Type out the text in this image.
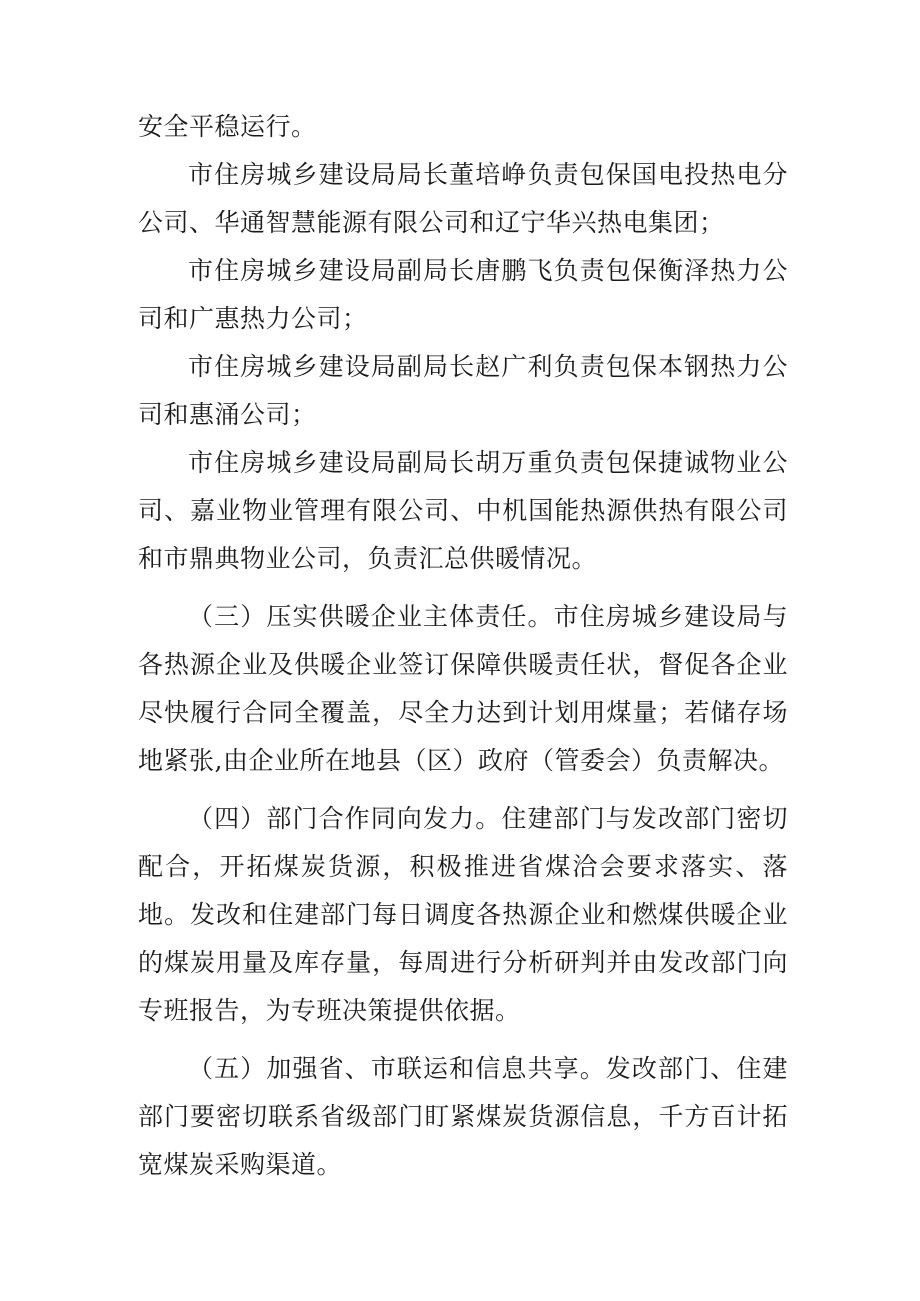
安全平稳运行。

市住房城乡建设局局长董培峥负责包保国电投热电分公司、华通智慧能源有限公司和辽宁华兴热电集团；

市住房城乡建设局副局长唐鹏飞负责包保衡泽热力公司和广惠热力公司；

市住房城乡建设局副局长赵广利负责包保本钢热力公司和惠涌公司；

市住房城乡建设局副局长胡万重负责包保捷诚物业公司、嘉业物业管理有限公司、中机国能热源供热有限公司和市鼎典物业公司，负责汇总供暖情况。

（三）压实供暖企业主体责任。市住房城乡建设局与各热源企业及供暖企业签订保障供暖责任状，督促各企业尽快履行合同全覆盖，尽全力达到计划用煤量；若储存场地紧张,由企业所在地县（区）政府（管委会）负责解决。

（四）部门合作同向发力。住建部门与发改部门密切配合，开拓煤炭货源，积极推进省煤洽会要求落实、落地。发改和住建部门每日调度各热源企业和燃煤供暖企业的煤炭用量及库存量，每周进行分析研判并由发改部门向专班报告，为专班决策提供依据。

（五）加强省、市联运和信息共享。发改部门、住建部门要密切联系省级部门盯紧煤炭货源信息，千方百计拓宽煤炭采购渠道。
